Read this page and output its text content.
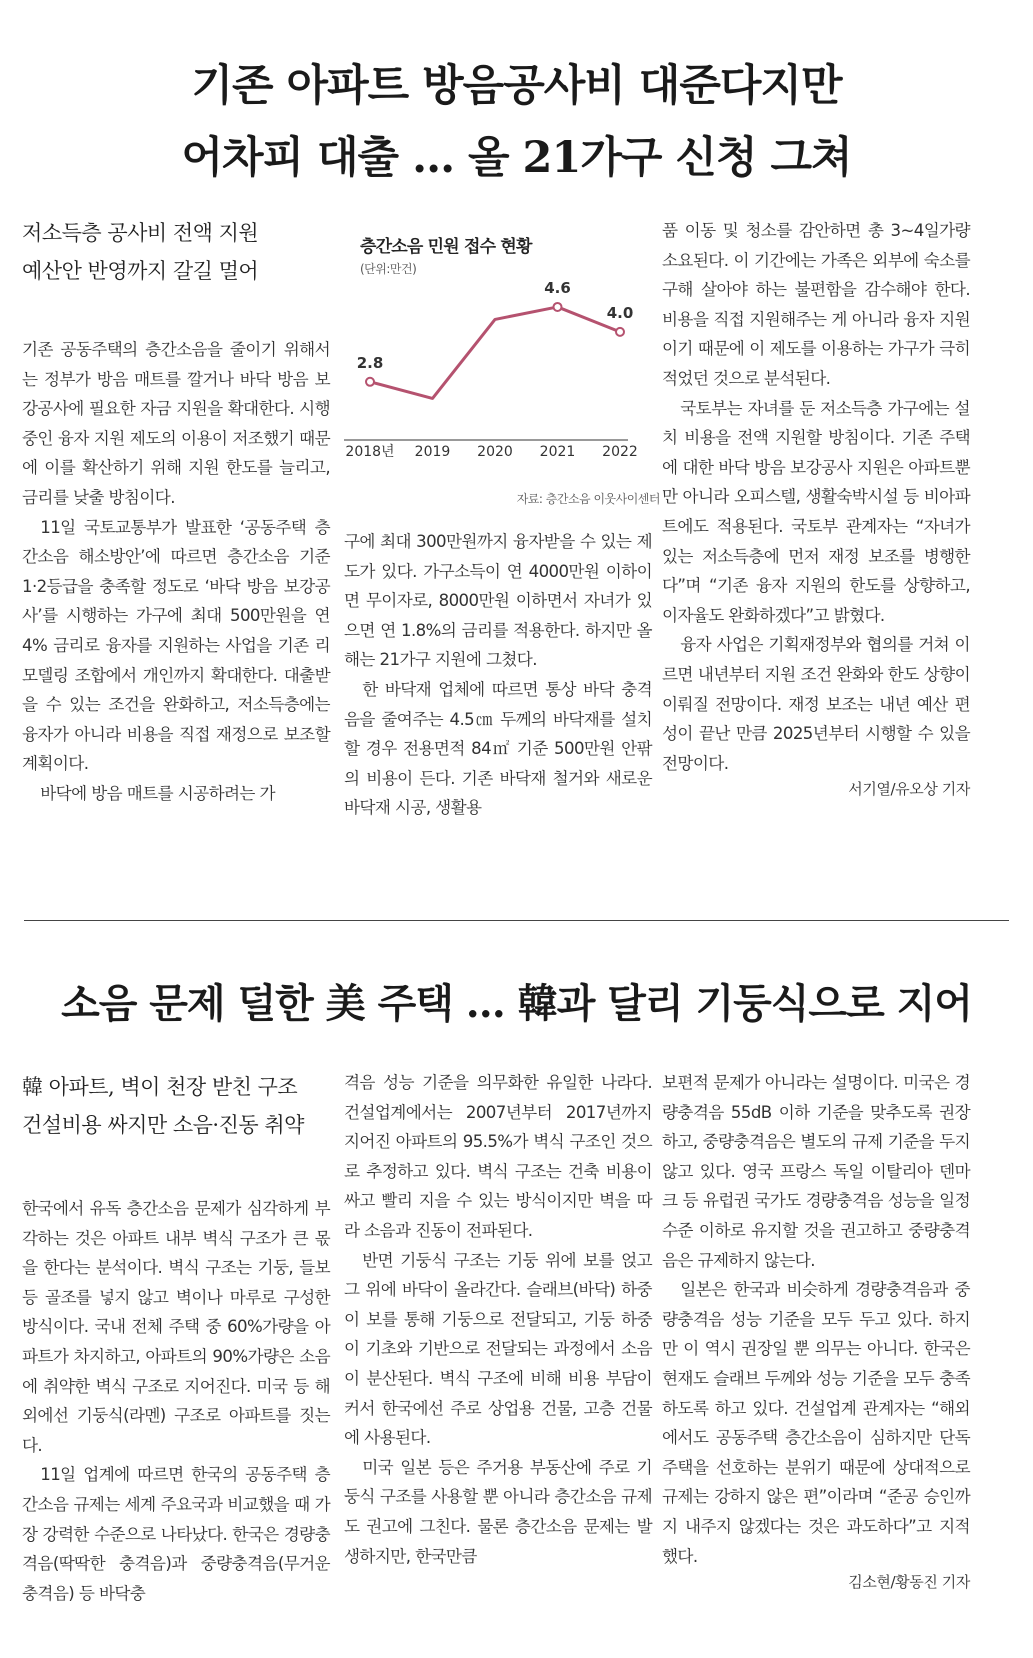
기존 아파트 방음공사비 대준다지만
어차피 대출 … 올 21가구 신청 그쳐
저소득층 공사비 전액 지원
예산안 반영까지 갈길 멀어

기존 공동주택의 층간소음을 줄이기 위해서는 정부가 방음 매트를 깔거나 바닥 방음 보강공사에 필요한 자금 지원을 확대한다. 시행 중인 융자 지원 제도의 이용이 저조했기 때문에 이를 확산하기 위해 지원 한도를 늘리고, 금리를 낮출 방침이다.

11일 국토교통부가 발표한 ‘공동주택 층간소음 해소방안’에 따르면 층간소음 기준 1·2등급을 충족할 정도로 ‘바닥 방음 보강공사’를 시행하는 가구에 최대 500만원을 연 4% 금리로 융자를 지원하는 사업을 기존 리모델링 조합에서 개인까지 확대한다. 대출받을 수 있는 조건을 완화하고, 저소득층에는 융자가 아니라 비용을 직접 재정으로 보조할 계획이다.

바닥에 방음 매트를 시공하려는 가

층간소음 민원 접수 현황
(단위:만건)
2.8
4.6
4.0
2018년 2019 2020 2021 2022
자료: 층간소음 이웃사이센터

구에 최대 300만원까지 융자받을 수 있는 제도가 있다. 가구소득이 연 4000만원 이하이면 무이자로, 8000만원 이하면서 자녀가 있으면 연 1.8%의 금리를 적용한다. 하지만 올해는 21가구 지원에 그쳤다.

한 바닥재 업체에 따르면 통상 바닥 충격음을 줄여주는 4.5㎝ 두께의 바닥재를 설치할 경우 전용면적 84㎡ 기준 500만원 안팎의 비용이 든다. 기존 바닥재 철거와 새로운 바닥재 시공, 생활용

품 이동 및 청소를 감안하면 총 3~4일가량 소요된다. 이 기간에는 가족은 외부에 숙소를 구해 살아야 하는 불편함을 감수해야 한다. 비용을 직접 지원해주는 게 아니라 융자 지원이기 때문에 이 제도를 이용하는 가구가 극히 적었던 것으로 분석된다.

국토부는 자녀를 둔 저소득층 가구에는 설치 비용을 전액 지원할 방침이다. 기존 주택에 대한 바닥 방음 보강공사 지원은 아파트뿐만 아니라 오피스텔, 생활숙박시설 등 비아파트에도 적용된다. 국토부 관계자는 “자녀가 있는 저소득층에 먼저 재정 보조를 병행한다”며 “기존 융자 지원의 한도를 상향하고, 이자율도 완화하겠다”고 밝혔다.

융자 사업은 기획재정부와 협의를 거쳐 이르면 내년부터 지원 조건 완화와 한도 상향이 이뤄질 전망이다. 재정 보조는 내년 예산 편성이 끝난 만큼 2025년부터 시행할 수 있을 전망이다.

서기열/유오상 기자
소음 문제 덜한 美 주택 … 韓과 달리 기둥식으로 지어
韓 아파트, 벽이 천장 받친 구조
건설비용 싸지만 소음·진동 취약

한국에서 유독 층간소음 문제가 심각하게 부각하는 것은 아파트 내부 벽식 구조가 큰 몫을 한다는 분석이다. 벽식 구조는 기둥, 들보 등 골조를 넣지 않고 벽이나 마루로 구성한 방식이다. 국내 전체 주택 중 60%가량을 아파트가 차지하고, 아파트의 90%가량은 소음에 취약한 벽식 구조로 지어진다. 미국 등 해외에선 기둥식(라멘) 구조로 아파트를 짓는다.

11일 업계에 따르면 한국의 공동주택 층간소음 규제는 세계 주요국과 비교했을 때 가장 강력한 수준으로 나타났다. 한국은 경량충격음(딱딱한 충격음)과 중량충격음(무거운 충격음) 등 바닥충

격음 성능 기준을 의무화한 유일한 나라다. 건설업계에서는 2007년부터 2017년까지 지어진 아파트의 95.5%가 벽식 구조인 것으로 추정하고 있다. 벽식 구조는 건축 비용이 싸고 빨리 지을 수 있는 방식이지만 벽을 따라 소음과 진동이 전파된다.

반면 기둥식 구조는 기둥 위에 보를 얹고 그 위에 바닥이 올라간다. 슬래브(바닥) 하중이 보를 통해 기둥으로 전달되고, 기둥 하중이 기초와 기반으로 전달되는 과정에서 소음이 분산된다. 벽식 구조에 비해 비용 부담이 커서 한국에선 주로 상업용 건물, 고층 건물에 사용된다.

미국 일본 등은 주거용 부동산에 주로 기둥식 구조를 사용할 뿐 아니라 층간소음 규제도 권고에 그친다. 물론 층간소음 문제는 발생하지만, 한국만큼

보편적 문제가 아니라는 설명이다. 미국은 경량충격음 55dB 이하 기준을 맞추도록 권장하고, 중량충격음은 별도의 규제 기준을 두지 않고 있다. 영국 프랑스 독일 이탈리아 덴마크 등 유럽권 국가도 경량충격음 성능을 일정 수준 이하로 유지할 것을 권고하고 중량충격음은 규제하지 않는다.

일본은 한국과 비슷하게 경량충격음과 중량충격음 성능 기준을 모두 두고 있다. 하지만 이 역시 권장일 뿐 의무는 아니다. 한국은 현재도 슬래브 두께와 성능 기준을 모두 충족하도록 하고 있다. 건설업계 관계자는 “해외에서도 공동주택 층간소음이 심하지만 단독주택을 선호하는 분위기 때문에 상대적으로 규제는 강하지 않은 편”이라며 “준공 승인까지 내주지 않겠다는 것은 과도하다”고 지적했다.

김소현/황동진 기자
